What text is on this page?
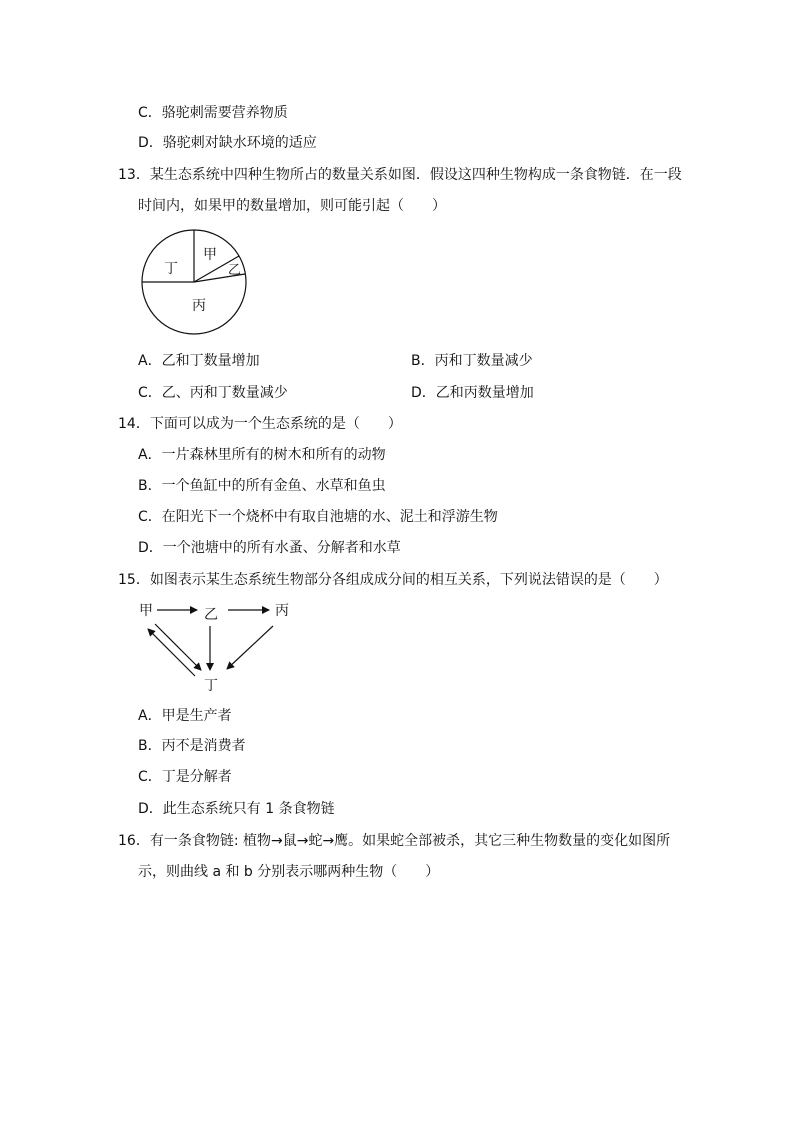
C．骆驼刺需要营养物质
D．骆驼刺对缺水环境的适应
13．某生态系统中四种生物所占的数量关系如图．假设这四种生物构成一条食物链．在一段
时间内，如果甲的数量增加，则可能引起（　　）
甲
乙
丁
丙
A．乙和丁数量增加	B．丙和丁数量减少
C．乙、丙和丁数量减少	D．乙和丙数量增加
14．下面可以成为一个生态系统的是（　　）
A．一片森林里所有的树木和所有的动物
B．一个鱼缸中的所有金鱼、水草和鱼虫
C．在阳光下一个烧杯中有取自池塘的水、泥土和浮游生物
D．一个池塘中的所有水蚤、分解者和水草
15．如图表示某生态系统生物部分各组成成分间的相互关系，下列说法错误的是（　　）
甲	乙	丙
丁
A．甲是生产者
B．丙不是消费者
C．丁是分解者
D．此生态系统只有 1 条食物链
16．有一条食物链: 植物→鼠→蛇→鹰。如果蛇全部被杀，其它三种生物数量的变化如图所
示，则曲线 a 和 b 分别表示哪两种生物（　　）
